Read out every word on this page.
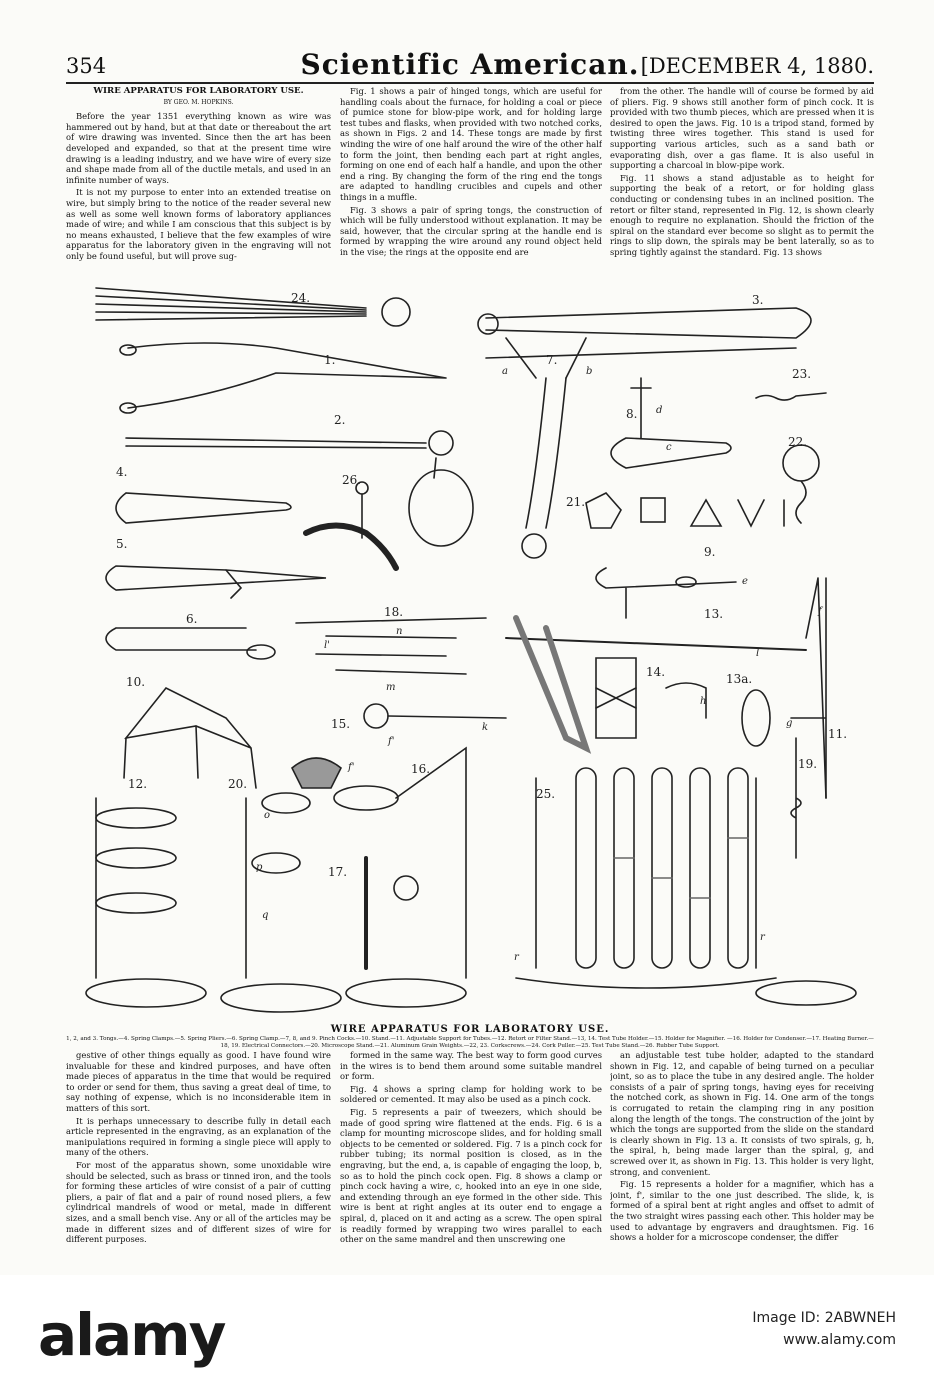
354	Scientific American. [DECEMBER 4, 1880.
WIRE APPARATUS FOR LABORATORY USE.
BY GEO. M. HOPKINS.

Before the year 1351 everything known as wire was hammered out by hand, but at that date or thereabout the art of wire drawing was invented. Since then the art has been developed and expanded, so that at the present time wire drawing is a leading industry, and we have wire of every size and shape made from all of the ductile metals, and used in an infinite number of ways.

It is not my purpose to enter into an extended treatise on wire, but simply bring to the notice of the reader several new as well as some well known forms of laboratory appliances made of wire; and while I am conscious that this subject is by no means exhausted, I believe that the few examples of wire apparatus for the laboratory given in the engraving will not only be found useful, but will prove sug-

Fig. 1 shows a pair of hinged tongs, which are useful for handling coals about the furnace, for holding a coal or piece of pumice stone for blow-pipe work, and for holding large test tubes and flasks, when provided with two notched corks, as shown in Figs. 2 and 14. These tongs are made by first winding the wire of one half around the wire of the other half to form the joint, then bending each part at right angles, forming on one end of each half a handle, and upon the other end a ring. By changing the form of the ring end the tongs are adapted to handling crucibles and cupels and other things in a muffle.

Fig. 3 shows a pair of spring tongs, the construction of which will be fully understood without explanation. It may be said, however, that the circular spring at the handle end is formed by wrapping the wire around any round object held in the vise; the rings at the opposite end are

from the other. The handle will of course be formed by aid of pliers. Fig. 9 shows still another form of pinch cock. It is provided with two thumb pieces, which are pressed when it is desired to open the jaws. Fig. 10 is a tripod stand, formed by twisting three wires together. This stand is used for supporting various articles, such as a sand bath or evaporating dish, over a gas flame. It is also useful in supporting a charcoal in blow-pipe work.

Fig. 11 shows a stand adjustable as to height for supporting the beak of a retort, or for holding glass conducting or condensing tubes in an inclined position. The retort or filter stand, represented in Fig. 12, is shown clearly enough to require no explanation. Should the friction of the spiral on the standard ever become so slight as to permit the rings to slip down, the spirals may be bent laterally, so as to spring tightly against the standard. Fig. 13 shows

24.
1.
2.
3.
4.
5.
6.
7.
8.
9.
10.
11.
12.
13.
13a.
14.
15.
16.
17.
18.
19.
20.
21.
22.
23.
25.
26.
a	b
c
d
e
f
f'
f'
g
h
k
l
l'
m
n
o
p
q
r
r
WIRE APPARATUS FOR LABORATORY USE.
1, 2, and 3. Tongs.—4. Spring Clamps.—5. Spring Pliers.—6. Spring Clamp.—7, 8, and 9. Pinch Cocks.—10. Stand.—11. Adjustable Support for Tubes.—12. Retort or Filter Stand.—13, 14. Test Tube Holder.—15. Holder for Magnifier. —16. Holder for Condenser.—17. Heating Burner.—18, 19. Electrical Connectors.—20. Microscope Stand.—21. Aluminum Grain Weights.—22, 23. Corkscrews.—24. Cork Puller.—25. Test Tube Stand.—26. Rubber Tube Support.

gestive of other things equally as good. I have found wire invaluable for these and kindred purposes, and have often made pieces of apparatus in the time that would be required to order or send for them, thus saving a great deal of time, to say nothing of expense, which is no inconsiderable item in matters of this sort.

It is perhaps unnecessary to describe fully in detail each article represented in the engraving, as an explanation of the manipulations required in forming a single piece will apply to many of the others.

For most of the apparatus shown, some unoxidable wire should be selected, such as brass or tinned iron, and the tools for forming these articles of wire consist of a pair of cutting pliers, a pair of flat and a pair of round nosed pliers, a few cylindrical mandrels of wood or metal, made in different sizes, and a small bench vise. Any or all of the articles may be made in different sizes and of different sizes of wire for different purposes.

formed in the same way. The best way to form good curves in the wires is to bend them around some suitable mandrel or form.

Fig. 4 shows a spring clamp for holding work to be soldered or cemented. It may also be used as a pinch cock.

Fig. 5 represents a pair of tweezers, which should be made of good spring wire flattened at the ends. Fig. 6 is a clamp for mounting microscope slides, and for holding small objects to be cemented or soldered. Fig. 7 is a pinch cock for rubber tubing; its normal position is closed, as in the engraving, but the end, a, is capable of engaging the loop, b, so as to hold the pinch cock open. Fig. 8 shows a clamp or pinch cock having a wire, c, hooked into an eye in one side, and extending through an eye formed in the other side. This wire is bent at right angles at its outer end to engage a spiral, d, placed on it and acting as a screw. The open spiral is readily formed by wrapping two wires parallel to each other on the same mandrel and then unscrewing one

an adjustable test tube holder, adapted to the standard shown in Fig. 12, and capable of being turned on a peculiar joint, so as to place the tube in any desired angle. The holder consists of a pair of spring tongs, having eyes for receiving the notched cork, as shown in Fig. 14. One arm of the tongs is corrugated to retain the clamping ring in any position along the length of the tongs. The construction of the joint by which the tongs are supported from the slide on the standard is clearly shown in Fig. 13 a. It consists of two spirals, g, h, the spiral, h, being made larger than the spiral, g, and screwed over it, as shown in Fig. 13. This holder is very light, strong, and convenient.

Fig. 15 represents a holder for a magnifier, which has a joint, f', similar to the one just described. The slide, k, is formed of a spiral bent at right angles and offset to admit of the two straight wires passing each other. This holder may be used to advantage by engravers and draughtsmen. Fig. 16 shows a holder for a microscope condenser, the differ

alamy	Image ID: 2ABWNEH
www.alamy.com
